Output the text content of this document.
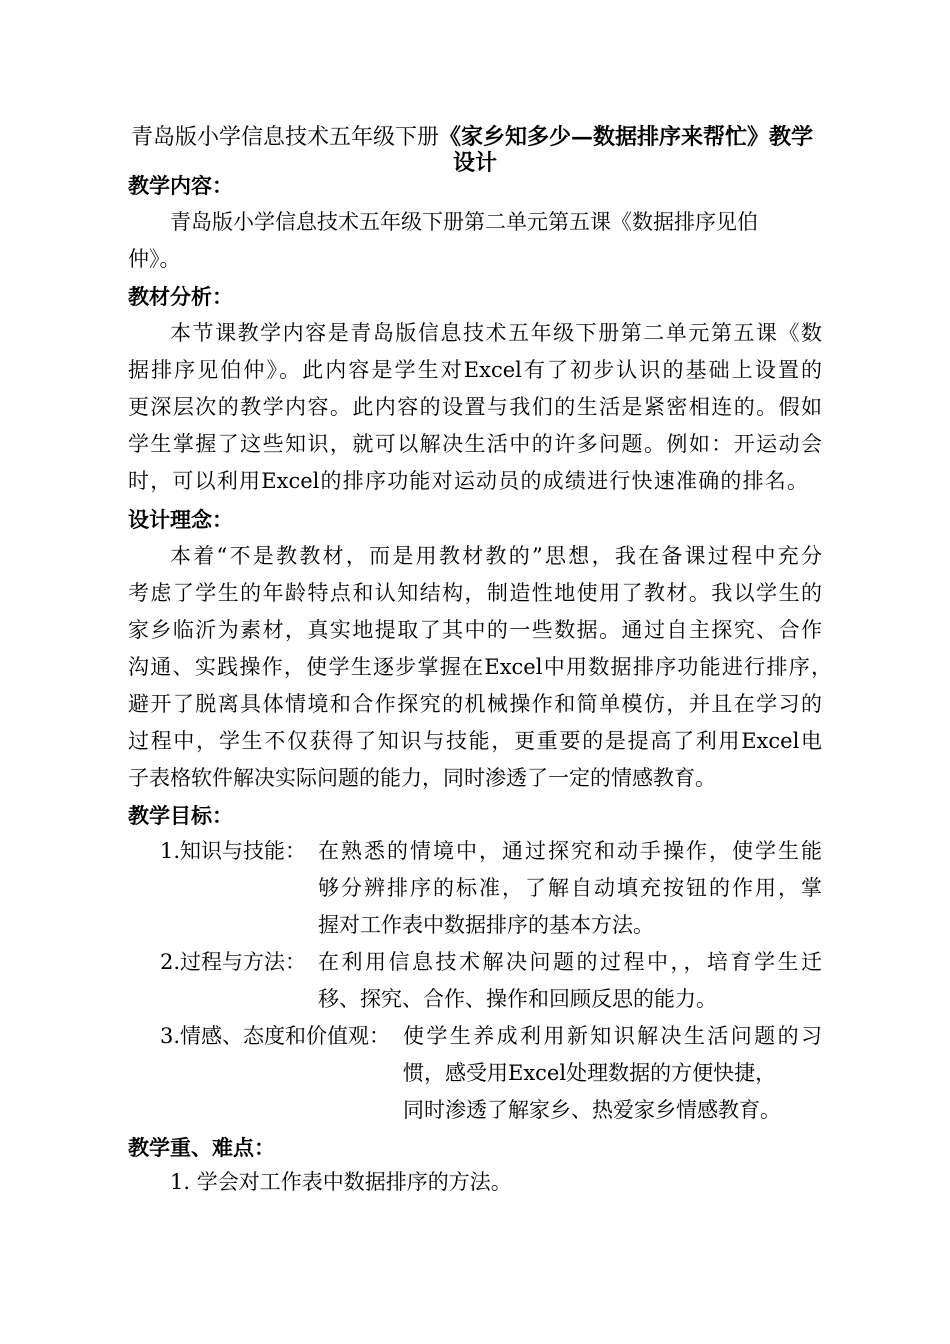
青岛版小学信息技术五年级下册《家乡知多少—数据排序来帮忙》教学
设计
教学内容：
青岛版小学信息技术五年级下册第二单元第五课《数据排序见伯
仲》。
教材分析：
本节课教学内容是青岛版信息技术五年级下册第二单元第五课《数
据排序见伯仲》。此内容是学生对Excel有了初步认识的基础上设置的
更深层次的教学内容。此内容的设置与我们的生活是紧密相连的。假如
学生掌握了这些知识，就可以解决生活中的许多问题。例如：开运动会
时，可以利用Excel的排序功能对运动员的成绩进行快速准确的排名。
设计理念：
本着“不是教教材，而是用教材教的”思想，我在备课过程中充分
考虑了学生的年龄特点和认知结构，制造性地使用了教材。我以学生的
家乡临沂为素材，真实地提取了其中的一些数据。通过自主探究、合作
沟通、实践操作，使学生逐步掌握在Excel中用数据排序功能进行排序，
避开了脱离具体情境和合作探究的机械操作和简单模仿，并且在学习的
过程中，学生不仅获得了知识与技能，更重要的是提高了利用Excel电
子表格软件解决实际问题的能力，同时渗透了一定的情感教育。
教学目标：
1.知识与技能： 在熟悉的情境中，通过探究和动手操作，使学生能
够分辨排序的标准，了解自动填充按钮的作用，掌
握对工作表中数据排序的基本方法。
2.过程与方法： 在利用信息技术解决问题的过程中，，培育学生迁
移、探究、合作、操作和回顾反思的能力。
3.情感、态度和价值观： 使学生养成利用新知识解决生活问题的习
惯，感受用Excel处理数据的方便快捷，
同时渗透了解家乡、热爱家乡情感教育。
教学重、难点：
1. 学会对工作表中数据排序的方法。
